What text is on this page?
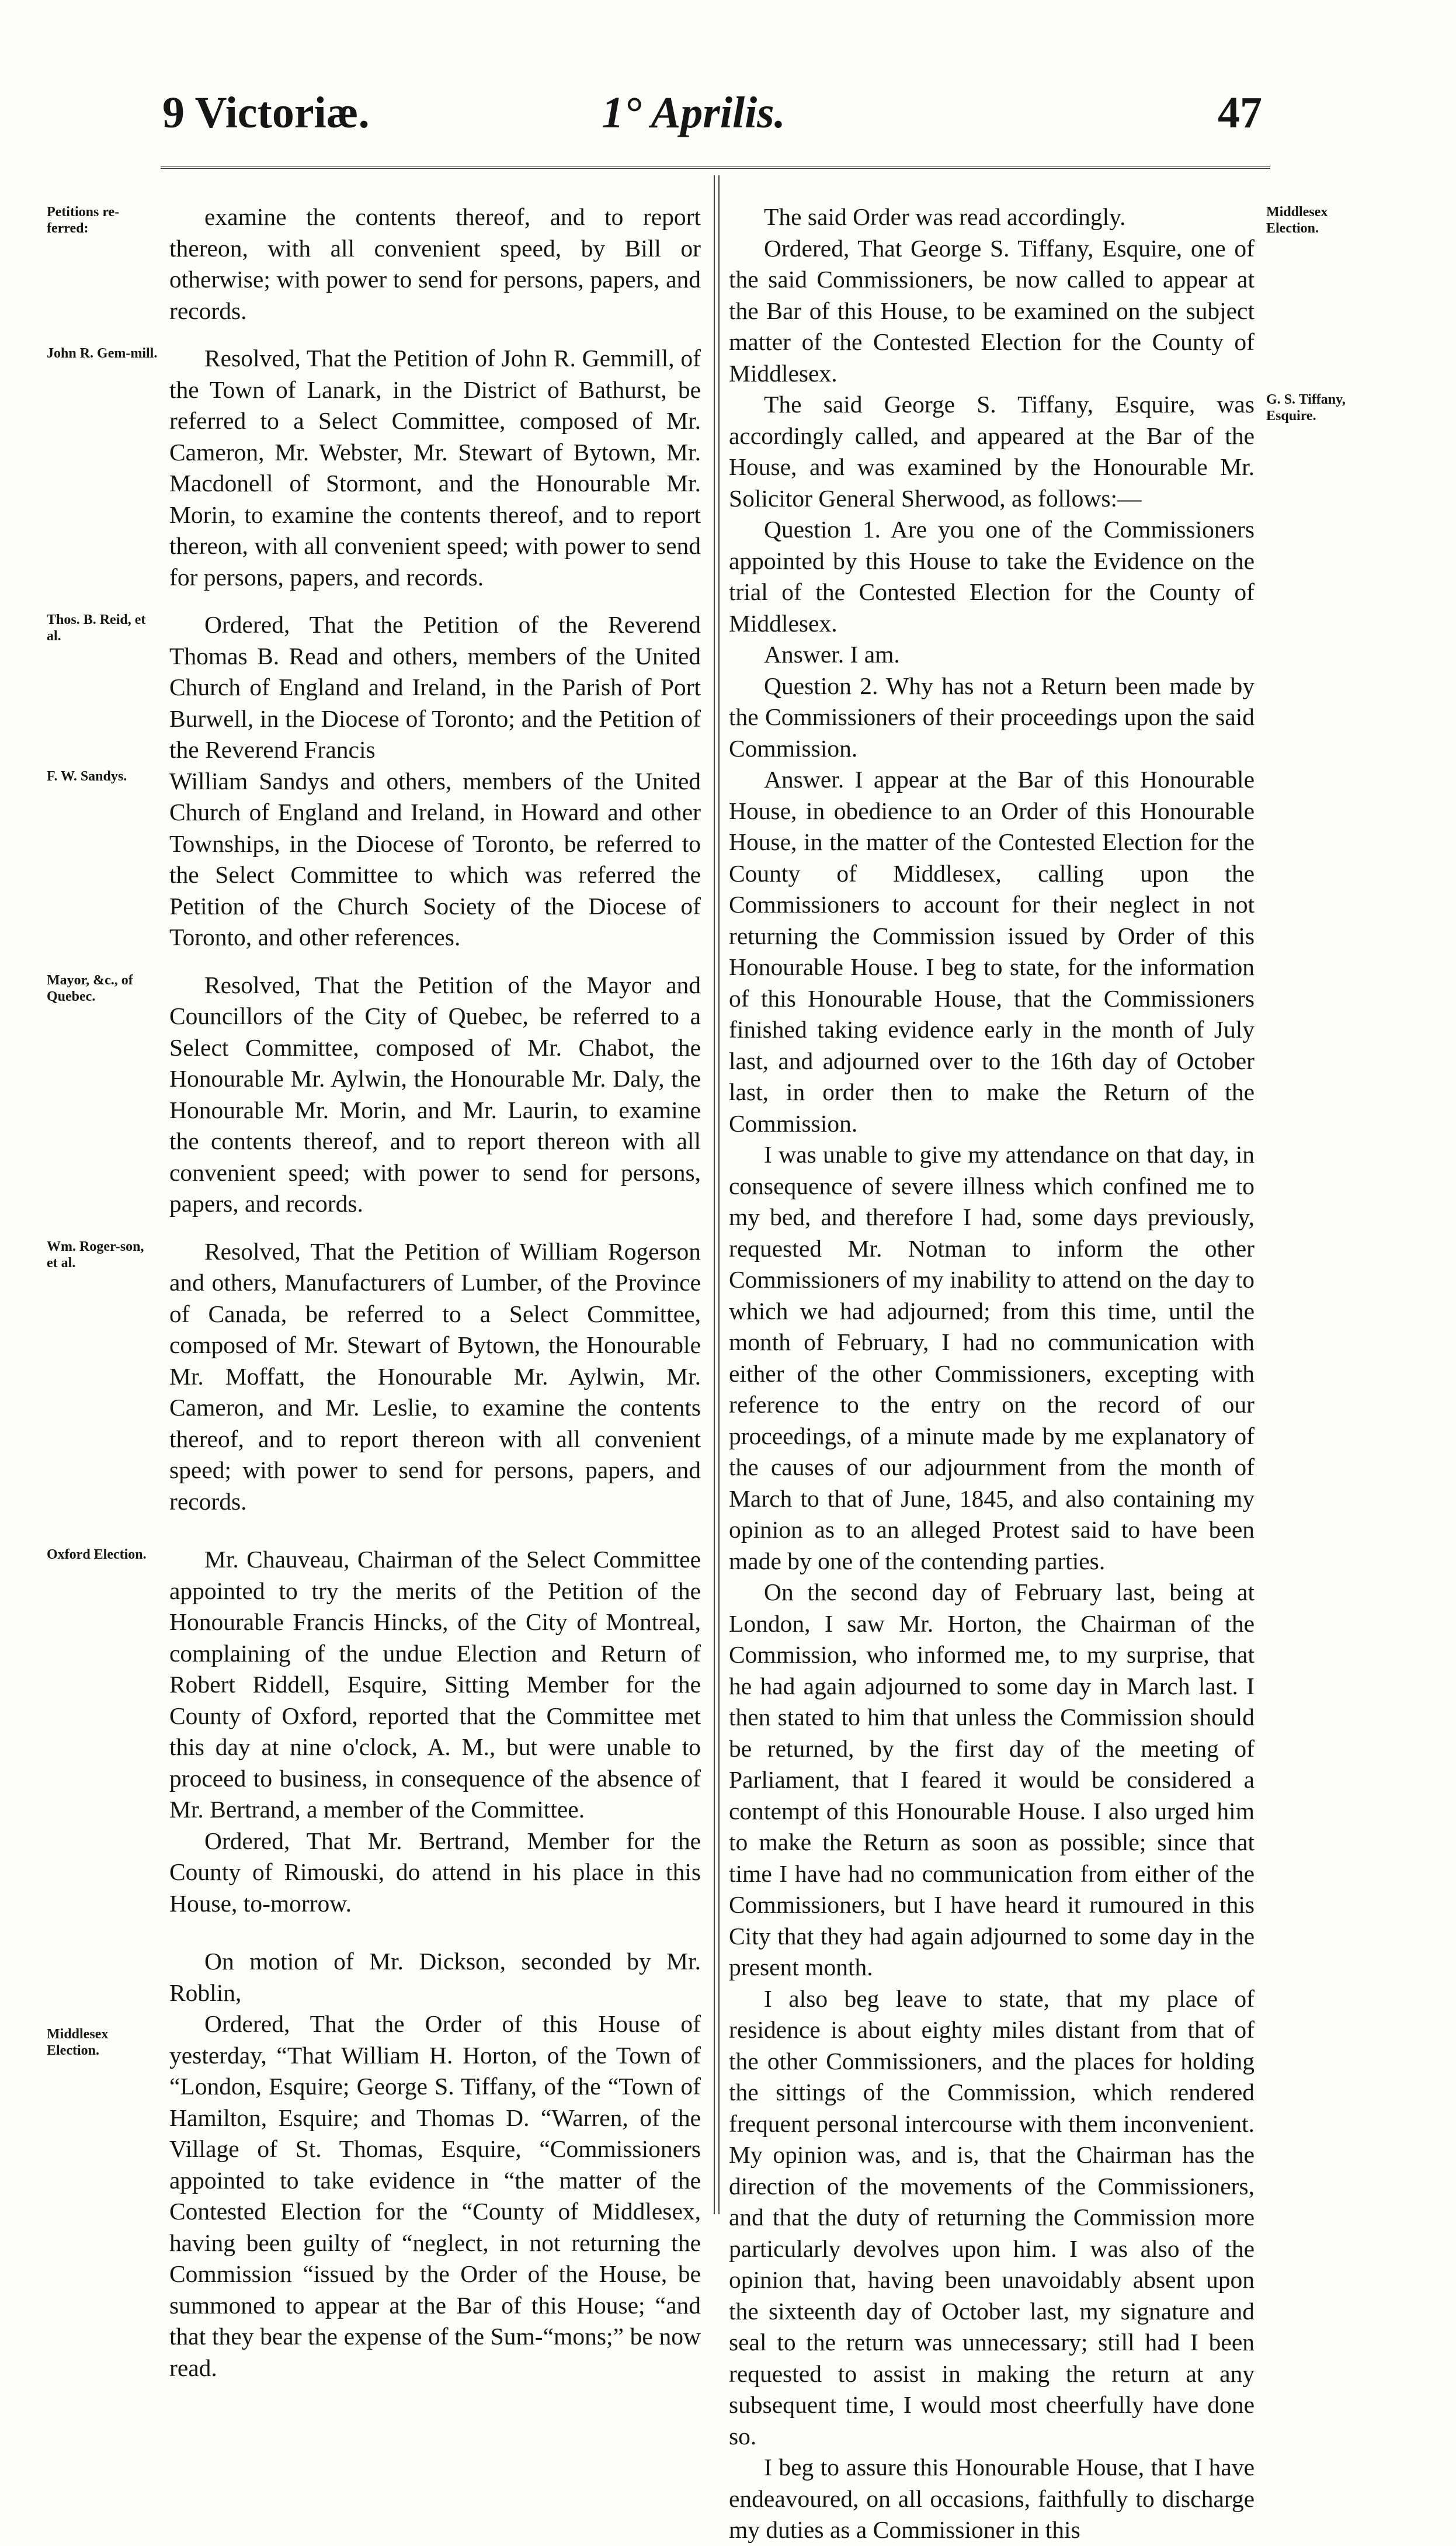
9 Victoriæ.	1° Aprilis.	47
Petitions re-ferred:	examine the contents thereof, and to report thereon, with all convenient speed, by Bill or otherwise; with power to send for persons, papers, and records.

John R. Gem-mill.	Resolved, That the Petition of John R. Gemmill, of the Town of Lanark, in the District of Bathurst, be referred to a Select Committee, composed of Mr. Cameron, Mr. Webster, Mr. Stewart of Bytown, Mr. Macdonell of Stormont, and the Honourable Mr. Morin, to examine the contents thereof, and to report thereon, with all convenient speed; with power to send for persons, papers, and records.

Thos. B. Reid, et al.	Ordered, That the Petition of the Reverend Thomas B. Read and others, members of the United Church of England and Ireland, in the Parish of Port Burwell, in the Diocese of Toronto; and the Petition of the Reverend Francis

F. W. Sandys.	William Sandys and others, members of the United Church of England and Ireland, in Howard and other Townships, in the Diocese of Toronto, be referred to the Select Committee to which was referred the Petition of the Church Society of the Diocese of Toronto, and other references.

Mayor, &c., of Quebec.	Resolved, That the Petition of the Mayor and Councillors of the City of Quebec, be referred to a Select Committee, composed of Mr. Chabot, the Honourable Mr. Aylwin, the Honourable Mr. Daly, the Honourable Mr. Morin, and Mr. Laurin, to examine the contents thereof, and to report thereon with all convenient speed; with power to send for persons, papers, and records.

Wm. Roger-son, et al.	Resolved, That the Petition of William Rogerson and others, Manufacturers of Lumber, of the Province of Canada, be referred to a Select Committee, composed of Mr. Stewart of Bytown, the Honourable Mr. Moffatt, the Honourable Mr. Aylwin, Mr. Cameron, and Mr. Leslie, to examine the contents thereof, and to report thereon with all convenient speed; with power to send for persons, papers, and records.

Oxford Election.	Mr. Chauveau, Chairman of the Select Committee appointed to try the merits of the Petition of the Honourable Francis Hincks, of the City of Montreal, complaining of the undue Election and Return of Robert Riddell, Esquire, Sitting Member for the County of Oxford, reported that the Committee met this day at nine o'clock, A. M., but were unable to proceed to business, in consequence of the absence of Mr. Bertrand, a member of the Committee.

Ordered, That Mr. Bertrand, Member for the County of Rimouski, do attend in his place in this House, to-morrow.

On motion of Mr. Dickson, seconded by Mr. Roblin,

Middlesex Election.

Ordered, That the Order of this House of yesterday, “That William H. Horton, of the Town of “London, Esquire; George S. Tiffany, of the “Town of Hamilton, Esquire; and Thomas D. “Warren, of the Village of St. Thomas, Esquire, “Commissioners appointed to take evidence in “the matter of the Contested Election for the “County of Middlesex, having been guilty of “neglect, in not returning the Commission “issued by the Order of the House, be summoned to appear at the Bar of this House; “and that they bear the expense of the Sum-“mons;” be now read.

Middlesex Election.

The said Order was read accordingly.

Ordered, That George S. Tiffany, Esquire, one of the said Commissioners, be now called to appear at the Bar of this House, to be examined on the subject matter of the Contested Election for the County of Middlesex.

G. S. Tiffany, Esquire.

The said George S. Tiffany, Esquire, was accordingly called, and appeared at the Bar of the House, and was examined by the Honourable Mr. Solicitor General Sherwood, as follows:—

Question 1. Are you one of the Commissioners appointed by this House to take the Evidence on the trial of the Contested Election for the County of Middlesex.

Answer. I am.

Question 2. Why has not a Return been made by the Commissioners of their proceedings upon the said Commission.

Answer. I appear at the Bar of this Honourable House, in obedience to an Order of this Honourable House, in the matter of the Contested Election for the County of Middlesex, calling upon the Commissioners to account for their neglect in not returning the Commission issued by Order of this Honourable House. I beg to state, for the information of this Honourable House, that the Commissioners finished taking evidence early in the month of July last, and adjourned over to the 16th day of October last, in order then to make the Return of the Commission.

I was unable to give my attendance on that day, in consequence of severe illness which confined me to my bed, and therefore I had, some days previously, requested Mr. Notman to inform the other Commissioners of my inability to attend on the day to which we had adjourned; from this time, until the month of February, I had no communication with either of the other Commissioners, excepting with reference to the entry on the record of our proceedings, of a minute made by me explanatory of the causes of our adjournment from the month of March to that of June, 1845, and also containing my opinion as to an alleged Protest said to have been made by one of the contending parties.

On the second day of February last, being at London, I saw Mr. Horton, the Chairman of the Commission, who informed me, to my surprise, that he had again adjourned to some day in March last. I then stated to him that unless the Commission should be returned, by the first day of the meeting of Parliament, that I feared it would be considered a contempt of this Honourable House. I also urged him to make the Return as soon as possible; since that time I have had no communication from either of the Commissioners, but I have heard it rumoured in this City that they had again adjourned to some day in the present month.

I also beg leave to state, that my place of residence is about eighty miles distant from that of the other Commissioners, and the places for holding the sittings of the Commission, which rendered frequent personal intercourse with them inconvenient. My opinion was, and is, that the Chairman has the direction of the movements of the Commissioners, and that the duty of returning the Commission more particularly devolves upon him. I was also of the opinion that, having been unavoidably absent upon the sixteenth day of October last, my signature and seal to the return was unnecessary; still had I been requested to assist in making the return at any subsequent time, I would most cheerfully have done so.

I beg to assure this Honourable House, that I have endeavoured, on all occasions, faithfully to discharge my duties as a Commissioner in this
